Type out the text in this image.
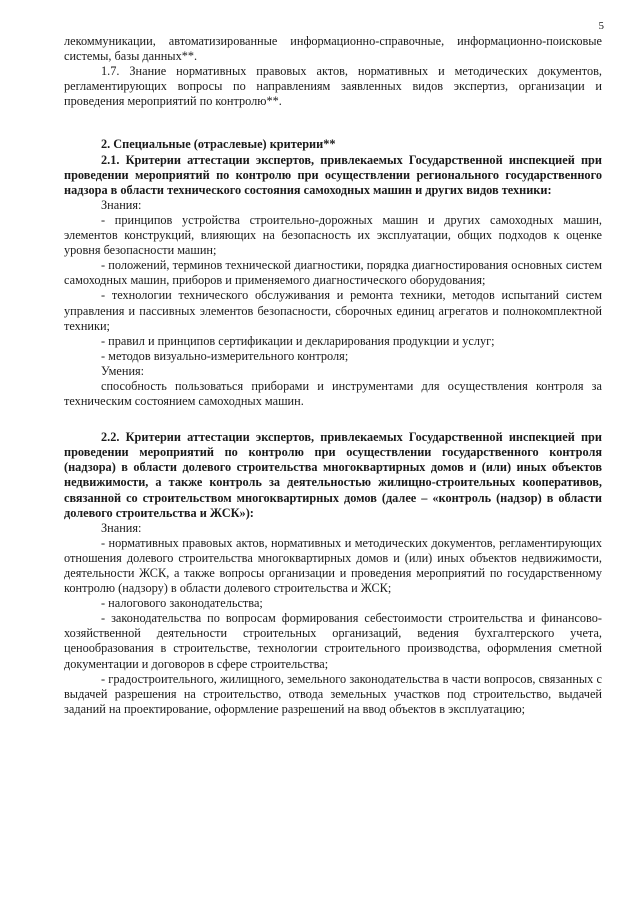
5

лекоммуникации, автоматизированные информационно-справочные, информационно-поисковые системы, базы данных**.

1.7. Знание нормативных правовых актов, нормативных и методических документов, регламентирующих вопросы по направлениям заявленных видов экспертиз, организации и проведения мероприятий по контролю**.

2. Специальные (отраслевые) критерии**

2.1. Критерии аттестации экспертов, привлекаемых Государственной инспекцией при проведении мероприятий по контролю при осуществлении регионального государственного надзора в области технического состояния самоходных машин и других видов техники:

Знания:

- принципов устройства строительно-дорожных машин и других самоходных машин, элементов конструкций, влияющих на безопасность их эксплуатации, общих подходов к оценке уровня безопасности машин;

- положений, терминов технической диагностики, порядка диагностирования основных систем самоходных машин, приборов и применяемого диагностического оборудования;

- технологии технического обслуживания и ремонта техники, методов испытаний систем управления и пассивных элементов безопасности, сборочных единиц агрегатов и полнокомплектной техники;

- правил и принципов сертификации и декларирования продукции и услуг;

- методов визуально-измерительного контроля;

Умения:

способность пользоваться приборами и инструментами для осуществления контроля за техническим состоянием самоходных машин.

2.2. Критерии аттестации экспертов, привлекаемых Государственной инспекцией при проведении мероприятий по контролю при осуществлении государственного контроля (надзора) в области долевого строительства многоквартирных домов и (или) иных объектов недвижимости, а также контроль за деятельностью жилищно-строительных кооперативов, связанной со строительством многоквартирных домов (далее – «контроль (надзор) в области долевого строительства и ЖСК»):

Знания:

- нормативных правовых актов, нормативных и методических документов, регламентирующих отношения долевого строительства многоквартирных домов и (или) иных объектов недвижимости, деятельности ЖСК, а также вопросы организации и проведения мероприятий по государственному контролю (надзору) в области долевого строительства и ЖСК;

- налогового законодательства;

- законодательства по вопросам формирования себестоимости строительства и финансово-хозяйственной деятельности строительных организаций, ведения бухгалтерского учета, ценообразования в строительстве, технологии строительного производства, оформления сметной документации и договоров в сфере строительства;

- градостроительного, жилищного, земельного законодательства в части вопросов, связанных с выдачей разрешения на строительство, отвода земельных участков под строительство, выдачей заданий на проектирование, оформление разрешений на ввод объектов в эксплуатацию;
